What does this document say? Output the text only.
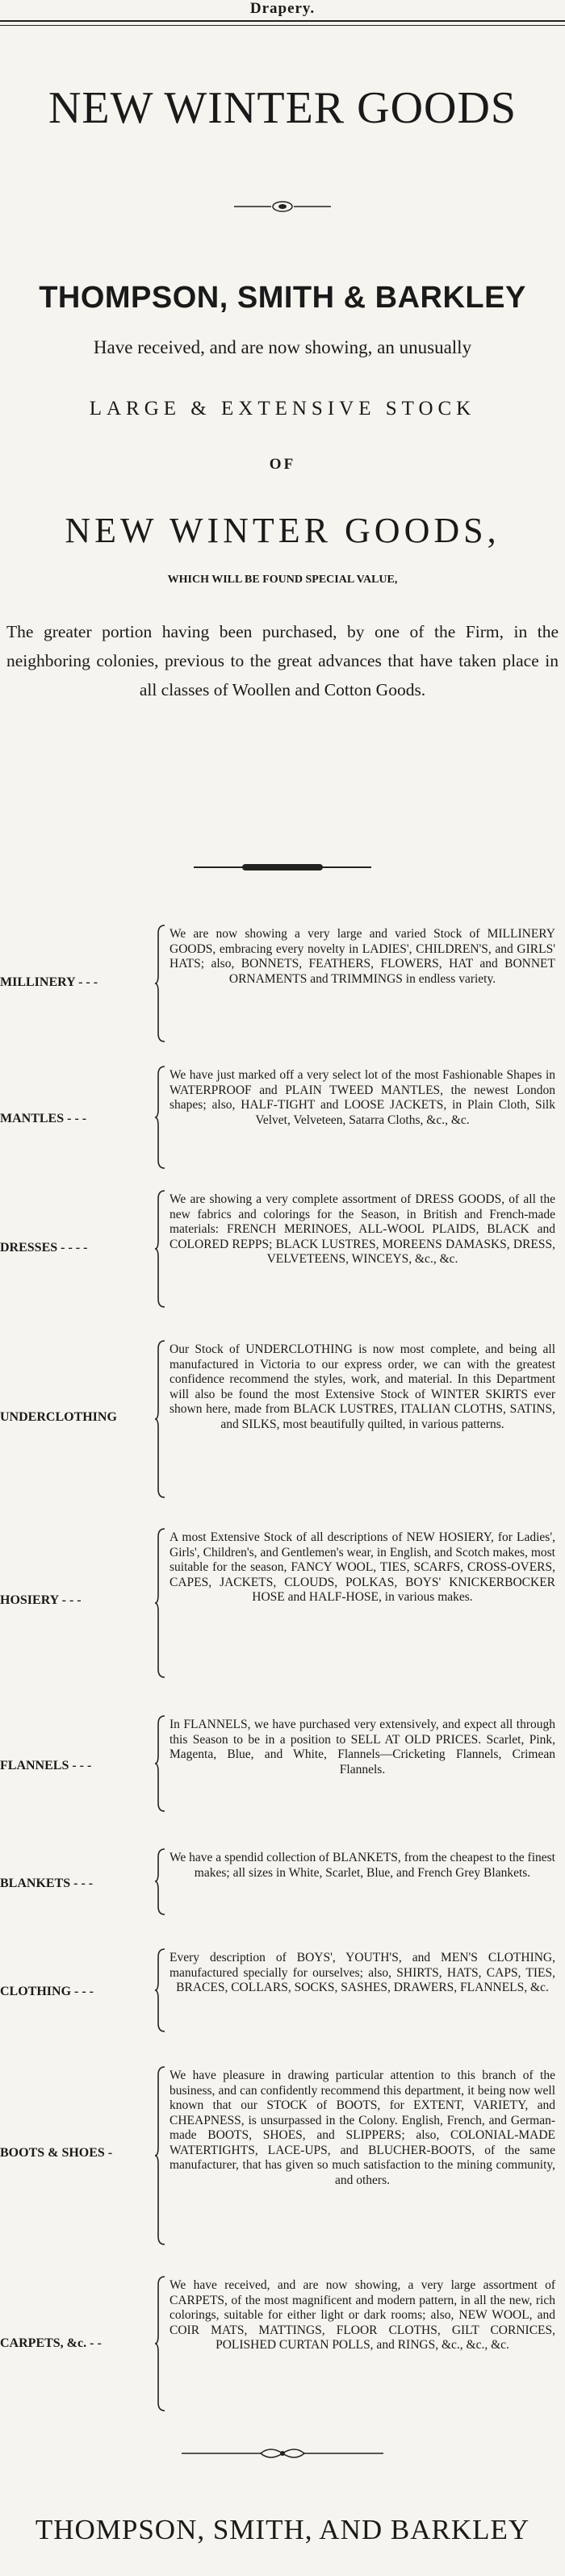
Drapery.
NEW WINTER GOODS
THOMPSON, SMITH & BARKLEY
Have received, and are now showing, an unusually
LARGE & EXTENSIVE STOCK
OF
NEW WINTER GOODS,
WHICH WILL BE FOUND SPECIAL VALUE,
The greater portion having been purchased, by one of the Firm, in the neighboring colonies, previous to the great advances that have taken place in all classes of Woollen and Cotton Goods.
MILLINERY - - -
We are now showing a very large and varied Stock of MILLINERY GOODS, embracing every novelty in LADIES', CHILDREN'S, and GIRLS' HATS; also, BONNETS, FEATHERS, FLOWERS, HAT and BONNET ORNAMENTS and TRIMMINGS in endless variety.
MANTLES - - -
We have just marked off a very select lot of the most Fashionable Shapes in WATERPROOF and PLAIN TWEED MANTLES, the newest London shapes; also, HALF-TIGHT and LOOSE JACKETS, in Plain Cloth, Silk Velvet, Velveteen, Satarra Cloths, &c., &c.
DRESSES - - - -
We are showing a very complete assortment of DRESS GOODS, of all the new fabrics and colorings for the Season, in British and French-made materials: FRENCH MERINOES, ALL-WOOL PLAIDS, BLACK and COLORED REPPS; BLACK LUSTRES, MOREENS DAMASKS, DRESS, VELVETEENS, WINCEYS, &c., &c.
UNDERCLOTHING
Our Stock of UNDERCLOTHING is now most complete, and being all manufactured in Victoria to our express order, we can with the greatest confidence recommend the styles, work, and material. In this Department will also be found the most Extensive Stock of WINTER SKIRTS ever shown here, made from BLACK LUSTRES, ITALIAN CLOTHS, SATINS, and SILKS, most beautifully quilted, in various patterns.
HOSIERY - - -
A most Extensive Stock of all descriptions of NEW HOSIERY, for Ladies', Girls', Children's, and Gentlemen's wear, in English, and Scotch makes, most suitable for the season, FANCY WOOL, TIES, SCARFS, CROSS-OVERS, CAPES, JACKETS, CLOUDS, POLKAS, BOYS' KNICKERBOCKER HOSE and HALF-HOSE, in various makes.
FLANNELS - - -
In FLANNELS, we have purchased very extensively, and expect all through this Season to be in a position to SELL AT OLD PRICES. Scarlet, Pink, Magenta, Blue, and White, Flannels—Cricketing Flannels, Crimean Flannels.
BLANKETS - - -
We have a spendid collection of BLANKETS, from the cheapest to the finest makes; all sizes in White, Scarlet, Blue, and French Grey Blankets.
CLOTHING - - -
Every description of BOYS', YOUTH'S, and MEN'S CLOTHING, manufactured specially for ourselves; also, SHIRTS, HATS, CAPS, TIES, BRACES, COLLARS, SOCKS, SASHES, DRAWERS, FLANNELS, &c.
BOOTS & SHOES -
We have pleasure in drawing particular attention to this branch of the business, and can confidently recommend this department, it being now well known that our STOCK of BOOTS, for EXTENT, VARIETY, and CHEAPNESS, is unsurpassed in the Colony. English, French, and German-made BOOTS, SHOES, and SLIPPERS; also, COLONIAL-MADE WATERTIGHTS, LACE-UPS, and BLUCHER-BOOTS, of the same manufacturer, that has given so much satisfaction to the mining community, and others.
CARPETS, &c. - -
We have received, and are now showing, a very large assortment of CARPETS, of the most magnificent and modern pattern, in all the new, rich colorings, suitable for either light or dark rooms; also, NEW WOOL, and COIR MATS, MATTINGS, FLOOR CLOTHS, GILT CORNICES, POLISHED CURTAN POLLS, and RINGS, &c., &c., &c.
THOMPSON, SMITH, AND BARKLEY
